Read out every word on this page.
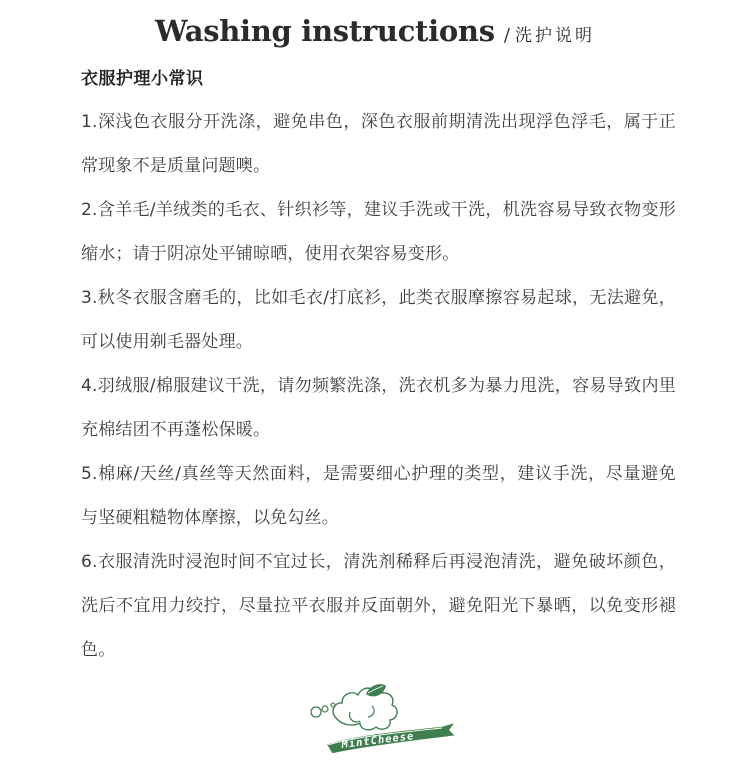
Washing instructions / 洗护说明
衣服护理小常识
1.深浅色衣服分开洗涤，避免串色，深色衣服前期清洗出现浮色浮毛，属于正常现象不是质量问题噢。
2.含羊毛/羊绒类的毛衣、针织衫等，建议手洗或干洗，机洗容易导致衣物变形缩水；请于阴凉处平铺晾晒，使用衣架容易变形。
3.秋冬衣服含磨毛的，比如毛衣/打底衫，此类衣服摩擦容易起球，无法避免，可以使用剃毛器处理。
4.羽绒服/棉服建议干洗，请勿频繁洗涤，洗衣机多为暴力甩洗，容易导致内里充棉结团不再蓬松保暖。
5.棉麻/天丝/真丝等天然面料，是需要细心护理的类型，建议手洗，尽量避免与坚硬粗糙物体摩擦，以免勾丝。
6.衣服清洗时浸泡时间不宜过长，清洗剂稀释后再浸泡清洗，避免破坏颜色，洗后不宜用力绞拧，尽量拉平衣服并反面朝外，避免阳光下暴晒，以免变形褪色。
MintCheese
